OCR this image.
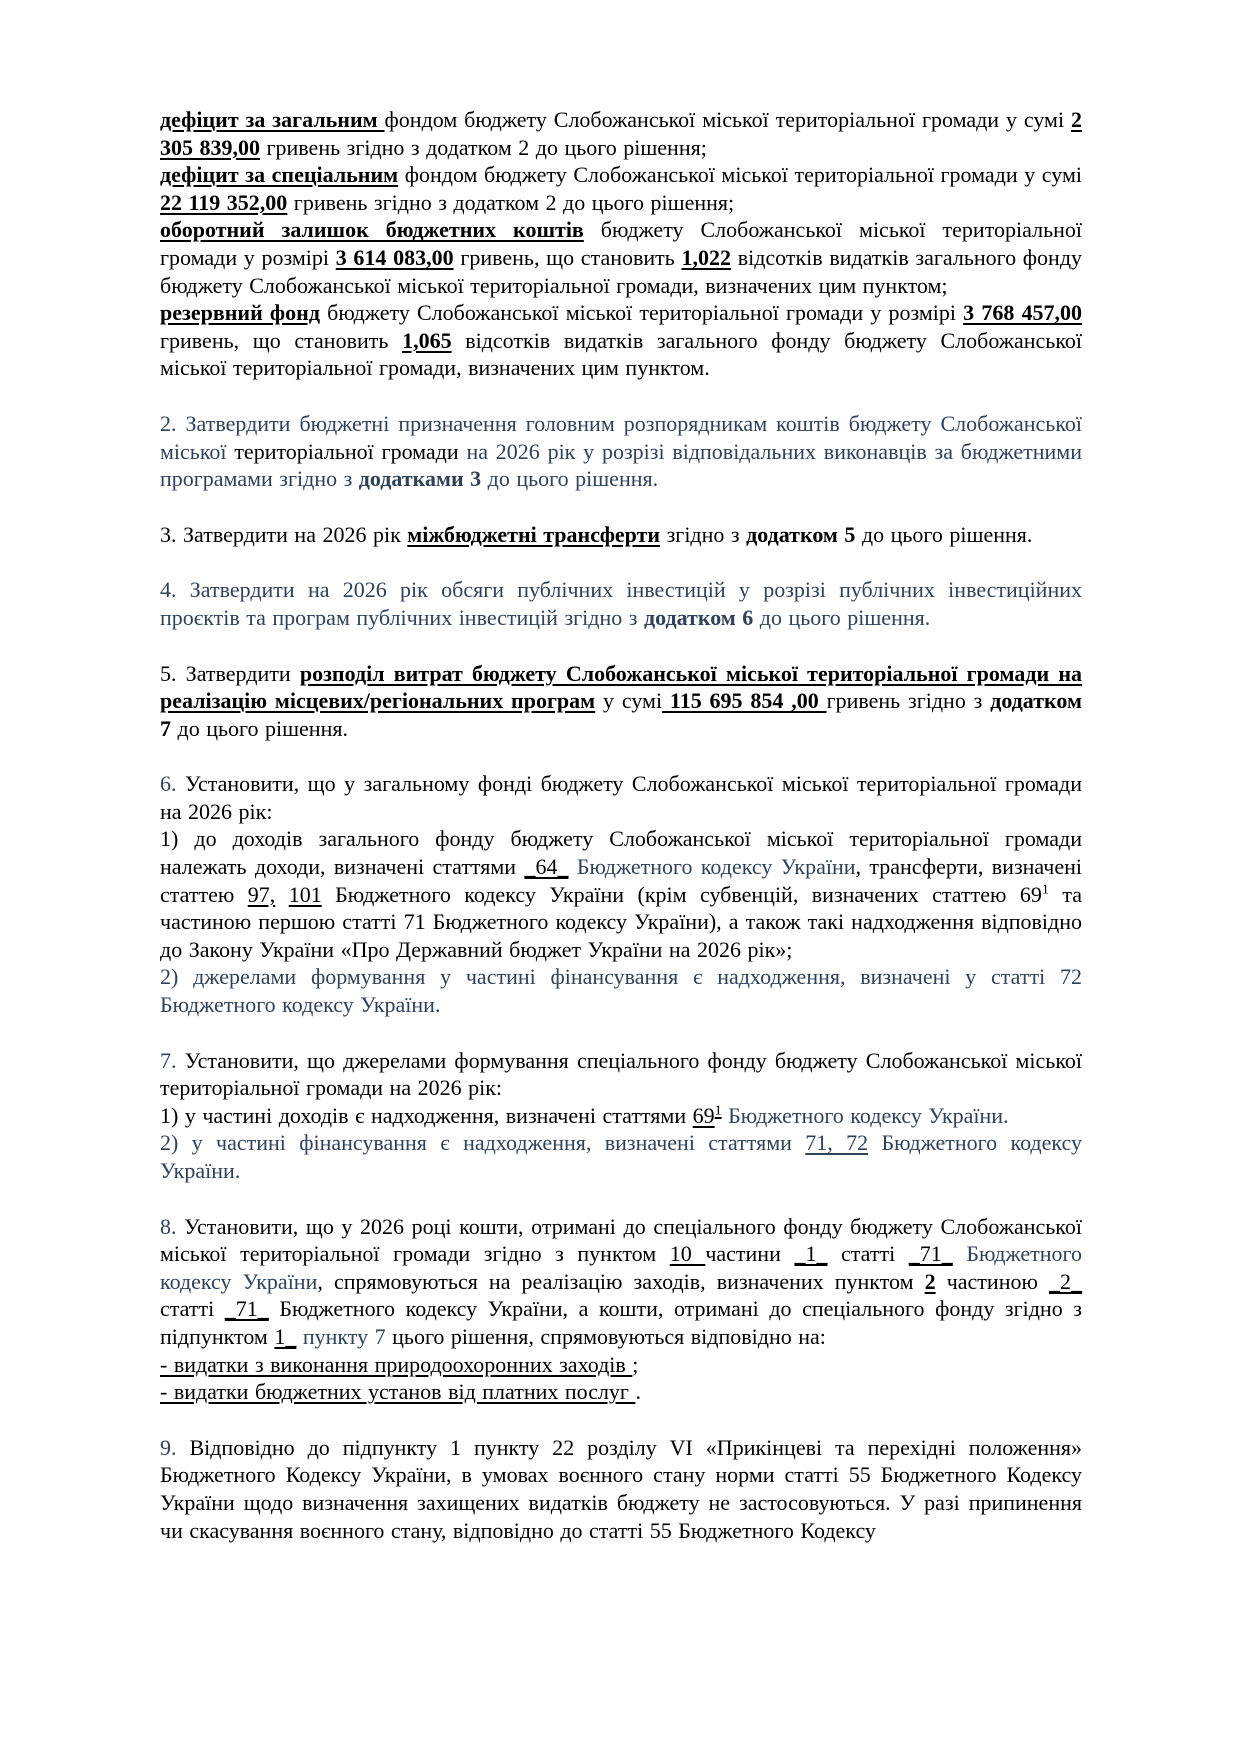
дефіцит за загальним фондом бюджету Слобожанської міської територіальної громади у сумі 2 305 839,00 гривень згідно з додатком 2 до цього рішення;

дефіцит за спеціальним фондом бюджету Слобожанської міської територіальної громади у сумі 22 119 352,00 гривень згідно з додатком 2 до цього рішення;

оборотний залишок бюджетних коштів бюджету Слобожанської міської територіальної громади у розмірі 3 614 083,00 гривень, що становить 1,022 відсотків видатків загального фонду бюджету Слобожанської міської територіальної громади, визначених цим пунктом;

резервний фонд бюджету Слобожанської міської територіальної громади у розмірі 3 768 457,00 гривень, що становить 1,065 відсотків видатків загального фонду бюджету Слобожанської міської територіальної громади, визначених цим пунктом.

2. Затвердити бюджетні призначення головним розпорядникам коштів бюджету Слобожанської міської територіальної громади на 2026 рік у розрізі відповідальних виконавців за бюджетними програмами згідно з додатками 3 до цього рішення.

3. Затвердити на 2026 рік міжбюджетні трансферти згідно з додатком 5 до цього рішення.

4. Затвердити на 2026 рік обсяги публічних інвестицій у розрізі публічних інвестиційних проєктів та програм публічних інвестицій згідно з додатком 6 до цього рішення.

5. Затвердити розподіл витрат бюджету Слобожанської міської територіальної громади на реалізацію місцевих/регіональних програм у сумі 115 695 854 ,00 гривень згідно з додатком 7 до цього рішення.

6. Установити, що у загальному фонді бюджету Слобожанської міської територіальної громади на 2026 рік:

1) до доходів загального фонду бюджету Слобожанської міської територіальної громади належать доходи, визначені статтями _64_ Бюджетного кодексу України, трансферти, визначені статтею 97, 101 Бюджетного кодексу України (крім субвенцій, визначених статтею $69^1$ та частиною першою статті 71 Бюджетного кодексу України), а також такі надходження відповідно до Закону України «Про Державний бюджет України на 2026 рік»;

2) джерелами формування у частині фінансування є надходження, визначені у статті 72 Бюджетного кодексу України.

7. Установити, що джерелами формування спеціального фонду бюджету Слобожанської міської територіальної громади на 2026 рік:

1) у частині доходів є надходження, визначені статтями $69^1$ Бюджетного кодексу України.

2) у частині фінансування є надходження, визначені статтями 71, 72 Бюджетного кодексу України.

8. Установити, що у 2026 році кошти, отримані до спеціального фонду бюджету Слобожанської міської територіальної громади згідно з пунктом 10 частини _1_ статті _71_ Бюджетного кодексу України, спрямовуються на реалізацію заходів, визначених пунктом 2 частиною _2_ статті _71_ Бюджетного кодексу України, а кошти, отримані до спеціального фонду згідно з підпунктом 1_ пункту 7 цього рішення, спрямовуються відповідно на:

- видатки з виконання природоохоронних заходів ;

- видатки бюджетних установ від платних послуг .

9. Відповідно до підпункту 1 пункту 22 розділу VI «Прикінцеві та перехідні положення» Бюджетного Кодексу України, в умовах воєнного стану норми статті 55 Бюджетного Кодексу України щодо визначення захищених видатків бюджету не застосовуються. У разі припинення чи скасування воєнного стану, відповідно до статті 55 Бюджетного Кодексу
